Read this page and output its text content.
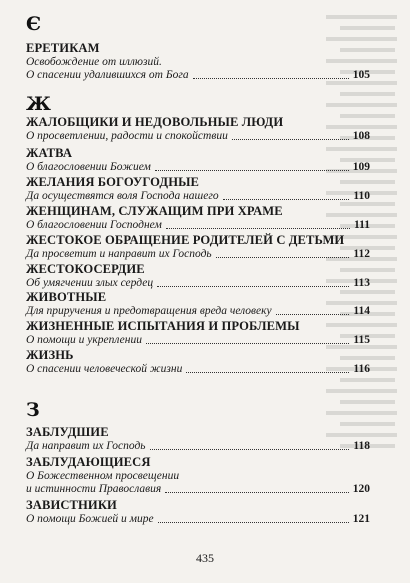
Є
Ж
З
ЕРЕТИКАМ
Освобождение от иллюзий.
О спасении удалившихся от Бога	105
ЖАЛОБЩИКИ И НЕДОВОЛЬНЫЕ ЛЮДИ
О просветлении, радости и спокойствии	108
ЖАТВА
О благословении Божием	109
ЖЕЛАНИЯ БОГОУГОДНЫЕ
Да осуществятся воля Господа нашего	110
ЖЕНЩИНАМ, СЛУЖАЩИМ ПРИ ХРАМЕ
О благословении Господнем	111
ЖЕСТОКОЕ ОБРАЩЕНИЕ РОДИТЕЛЕЙ С ДЕТЬМИ
Да просветит и направит их Господь	112
ЖЕСТОКОСЕРДИЕ
Об умягчении злых сердец	113
ЖИВОТНЫЕ
Для приручения и предотвращения вреда человеку	114
ЖИЗНЕННЫЕ ИСПЫТАНИЯ И ПРОБЛЕМЫ
О помощи и укреплении	115
ЖИЗНЬ
О спасении человеческой жизни	116
ЗАБЛУДШИЕ
Да направит их Господь	118
ЗАБЛУДАЮЩИЕСЯ
О Божественном просвещении
и истинности Православия	120
ЗАВИСТНИКИ
О помощи Божией и мире	121
435
